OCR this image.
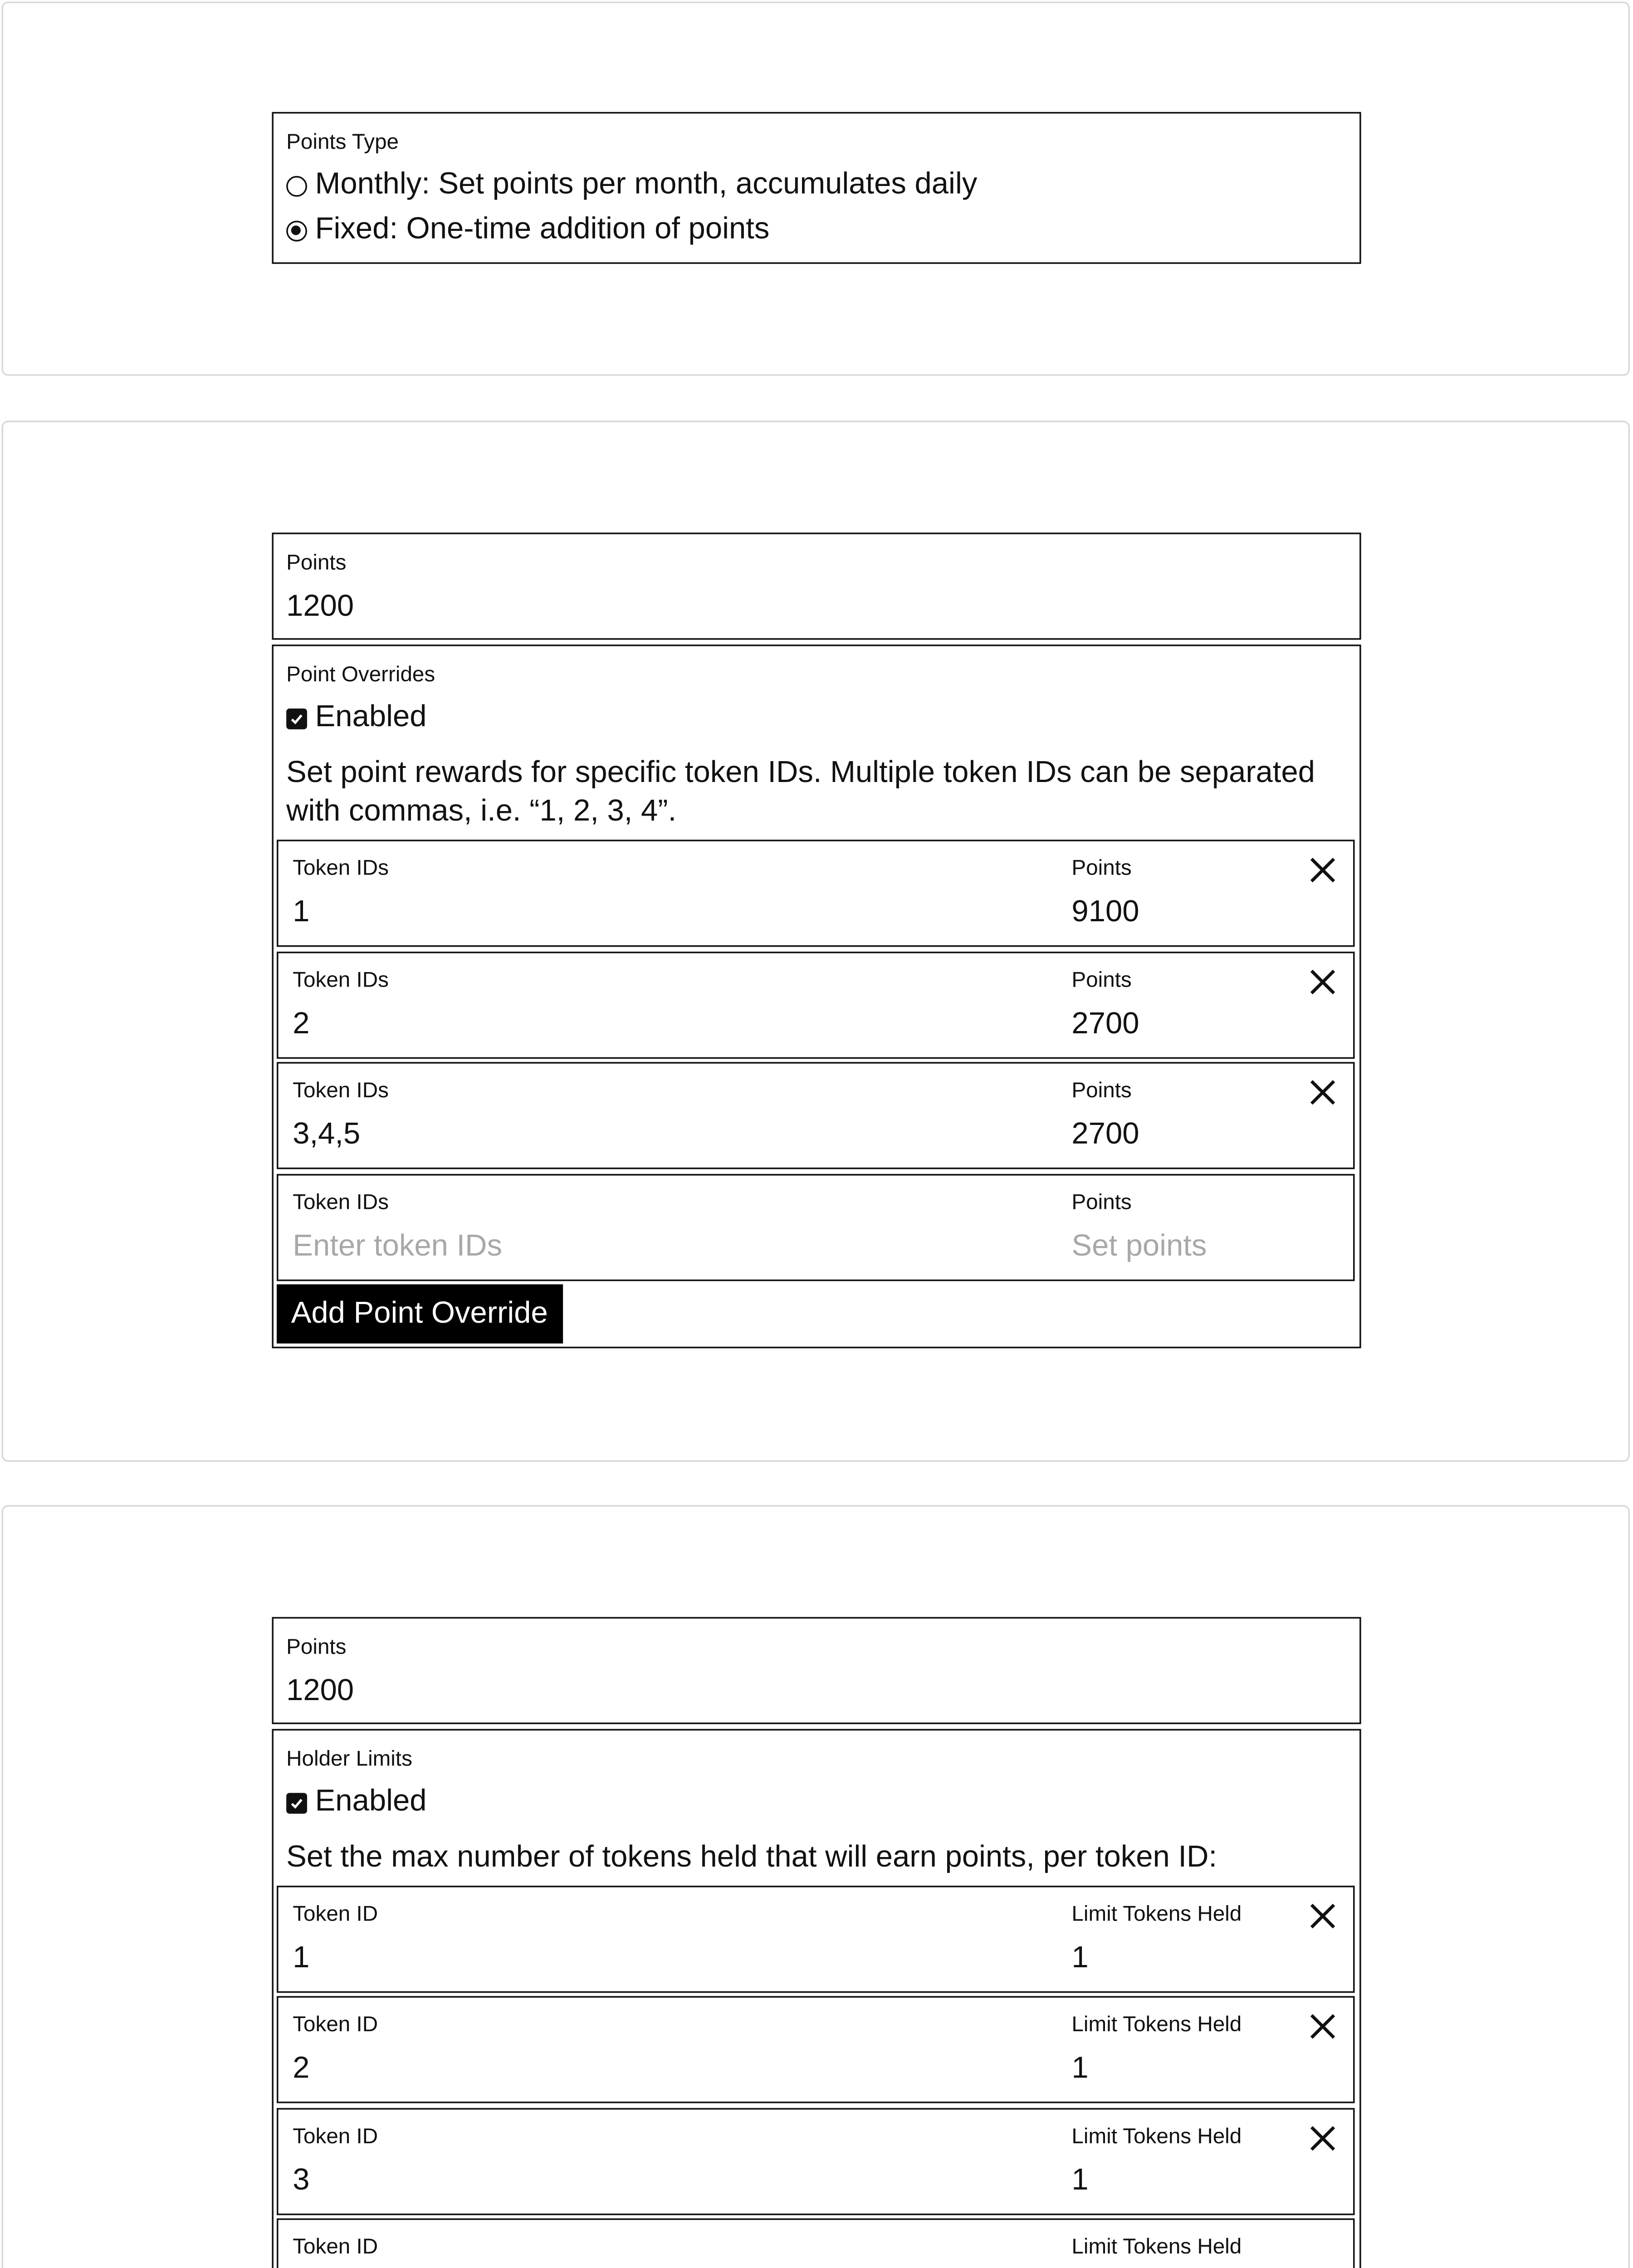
Points Type
Monthly: Set points per month, accumulates daily
Fixed: One-time addition of points
Points
1200
Point Overrides
Enabled
Set point rewards for specific token IDs. Multiple token IDs can be separated with commas, i.e. “1, 2, 3, 4”.
Token IDs
1
Points
9100
Token IDs
2
Points
2700
Token IDs
3,4,5
Points
2700
Token IDs
Enter token IDs
Points
Set points
Add Point Override
Points
1200
Holder Limits
Enabled
Set the max number of tokens held that will earn points, per token ID:
Token ID
1
Limit Tokens Held
1
Token ID
2
Limit Tokens Held
1
Token ID
3
Limit Tokens Held
1
Token ID	Limit Tokens Held
